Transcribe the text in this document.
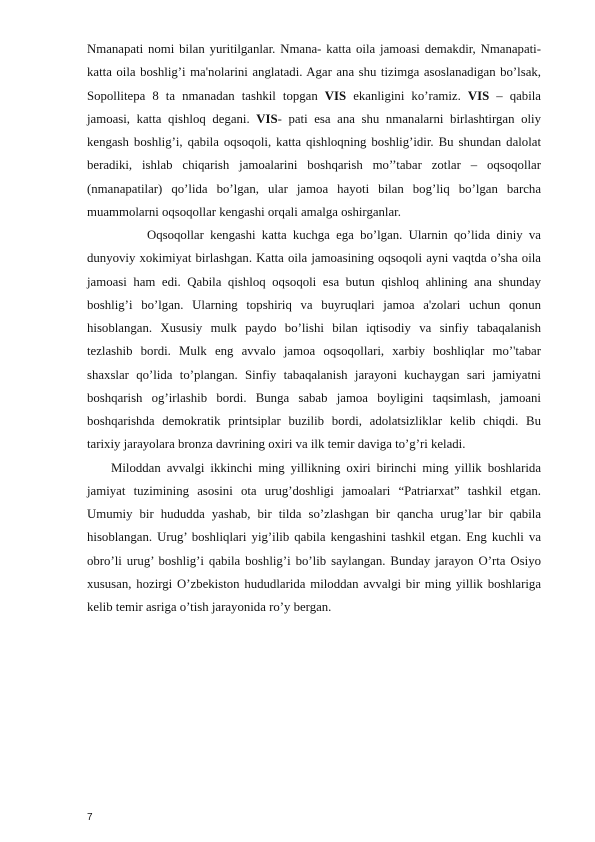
Nmanapati nomi bilan yuritilganlar. Nmana- katta oila jamoasi demakdir, Nmanapati- katta oila boshlig’i ma'nolarini anglatadi. Agar ana shu tizimga asoslanadigan bo’lsak, Sopollitepa 8 ta nmanadan tashkil topgan VIS ekanligini ko’ramiz. VIS – qabila jamoasi, katta qishloq degani. VIS- pati esa ana shu nmanalarni birlashtirgan oliy kengash boshlig’i, qabila oqsoqoli, katta qishloqning boshlig’idir. Bu shundan dalolat beradiki, ishlab chiqarish jamoalarini boshqarish mo’’tabar zotlar – oqsoqollar (nmanapatilar) qo’lida bo’lgan, ular jamoa hayoti bilan bog’liq bo’lgan barcha muammolarni oqsoqollar kengashi orqali amalga oshirganlar.

Oqsoqollar kengashi katta kuchga ega bo’lgan. Ularnin qo’lida diniy va dunyoviy xokimiyat birlashgan. Katta oila jamoasining oqsoqoli ayni vaqtda o’sha oila jamoasi ham edi. Qabila qishloq oqsoqoli esa butun qishloq ahlining ana shunday boshlig’i bo’lgan. Ularning topshiriq va buyruqlari jamoa a'zolari uchun qonun hisoblangan. Xususiy mulk paydo bo’lishi bilan iqtisodiy va sinfiy tabaqalanish tezlashib bordi. Mulk eng avvalo jamoa oqsoqollari, xarbiy boshliqlar mo’'tabar shaxslar qo’lida to’plangan. Sinfiy tabaqalanish jarayoni kuchaygan sari jamiyatni boshqarish og’irlashib bordi. Bunga sabab jamoa boyligini taqsimlash, jamoani boshqarishda demokratik printsiplar buzilib bordi, adolatsizliklar kelib chiqdi. Bu tarixiy jarayolara bronza davrining oxiri va ilk temir daviga to’g’ri keladi.

Miloddan avvalgi ikkinchi ming yillikning oxiri birinchi ming yillik boshlarida jamiyat tuzimining asosini ota urug’doshligi jamoalari “Patriarxat” tashkil etgan. Umumiy bir hududda yashab, bir tilda so’zlashgan bir qancha urug’lar bir qabila hisoblangan. Urug’ boshliqlari yig’ilib qabila kengashini tashkil etgan. Eng kuchli va obro’li urug’ boshlig’i qabila boshlig’i bo’lib saylangan. Bunday jarayon O’rta Osiyo xususan, hozirgi O’zbekiston hududlarida miloddan avvalgi bir ming yillik boshlariga kelib temir asriga o’tish jarayonida ro’y bergan.

7
